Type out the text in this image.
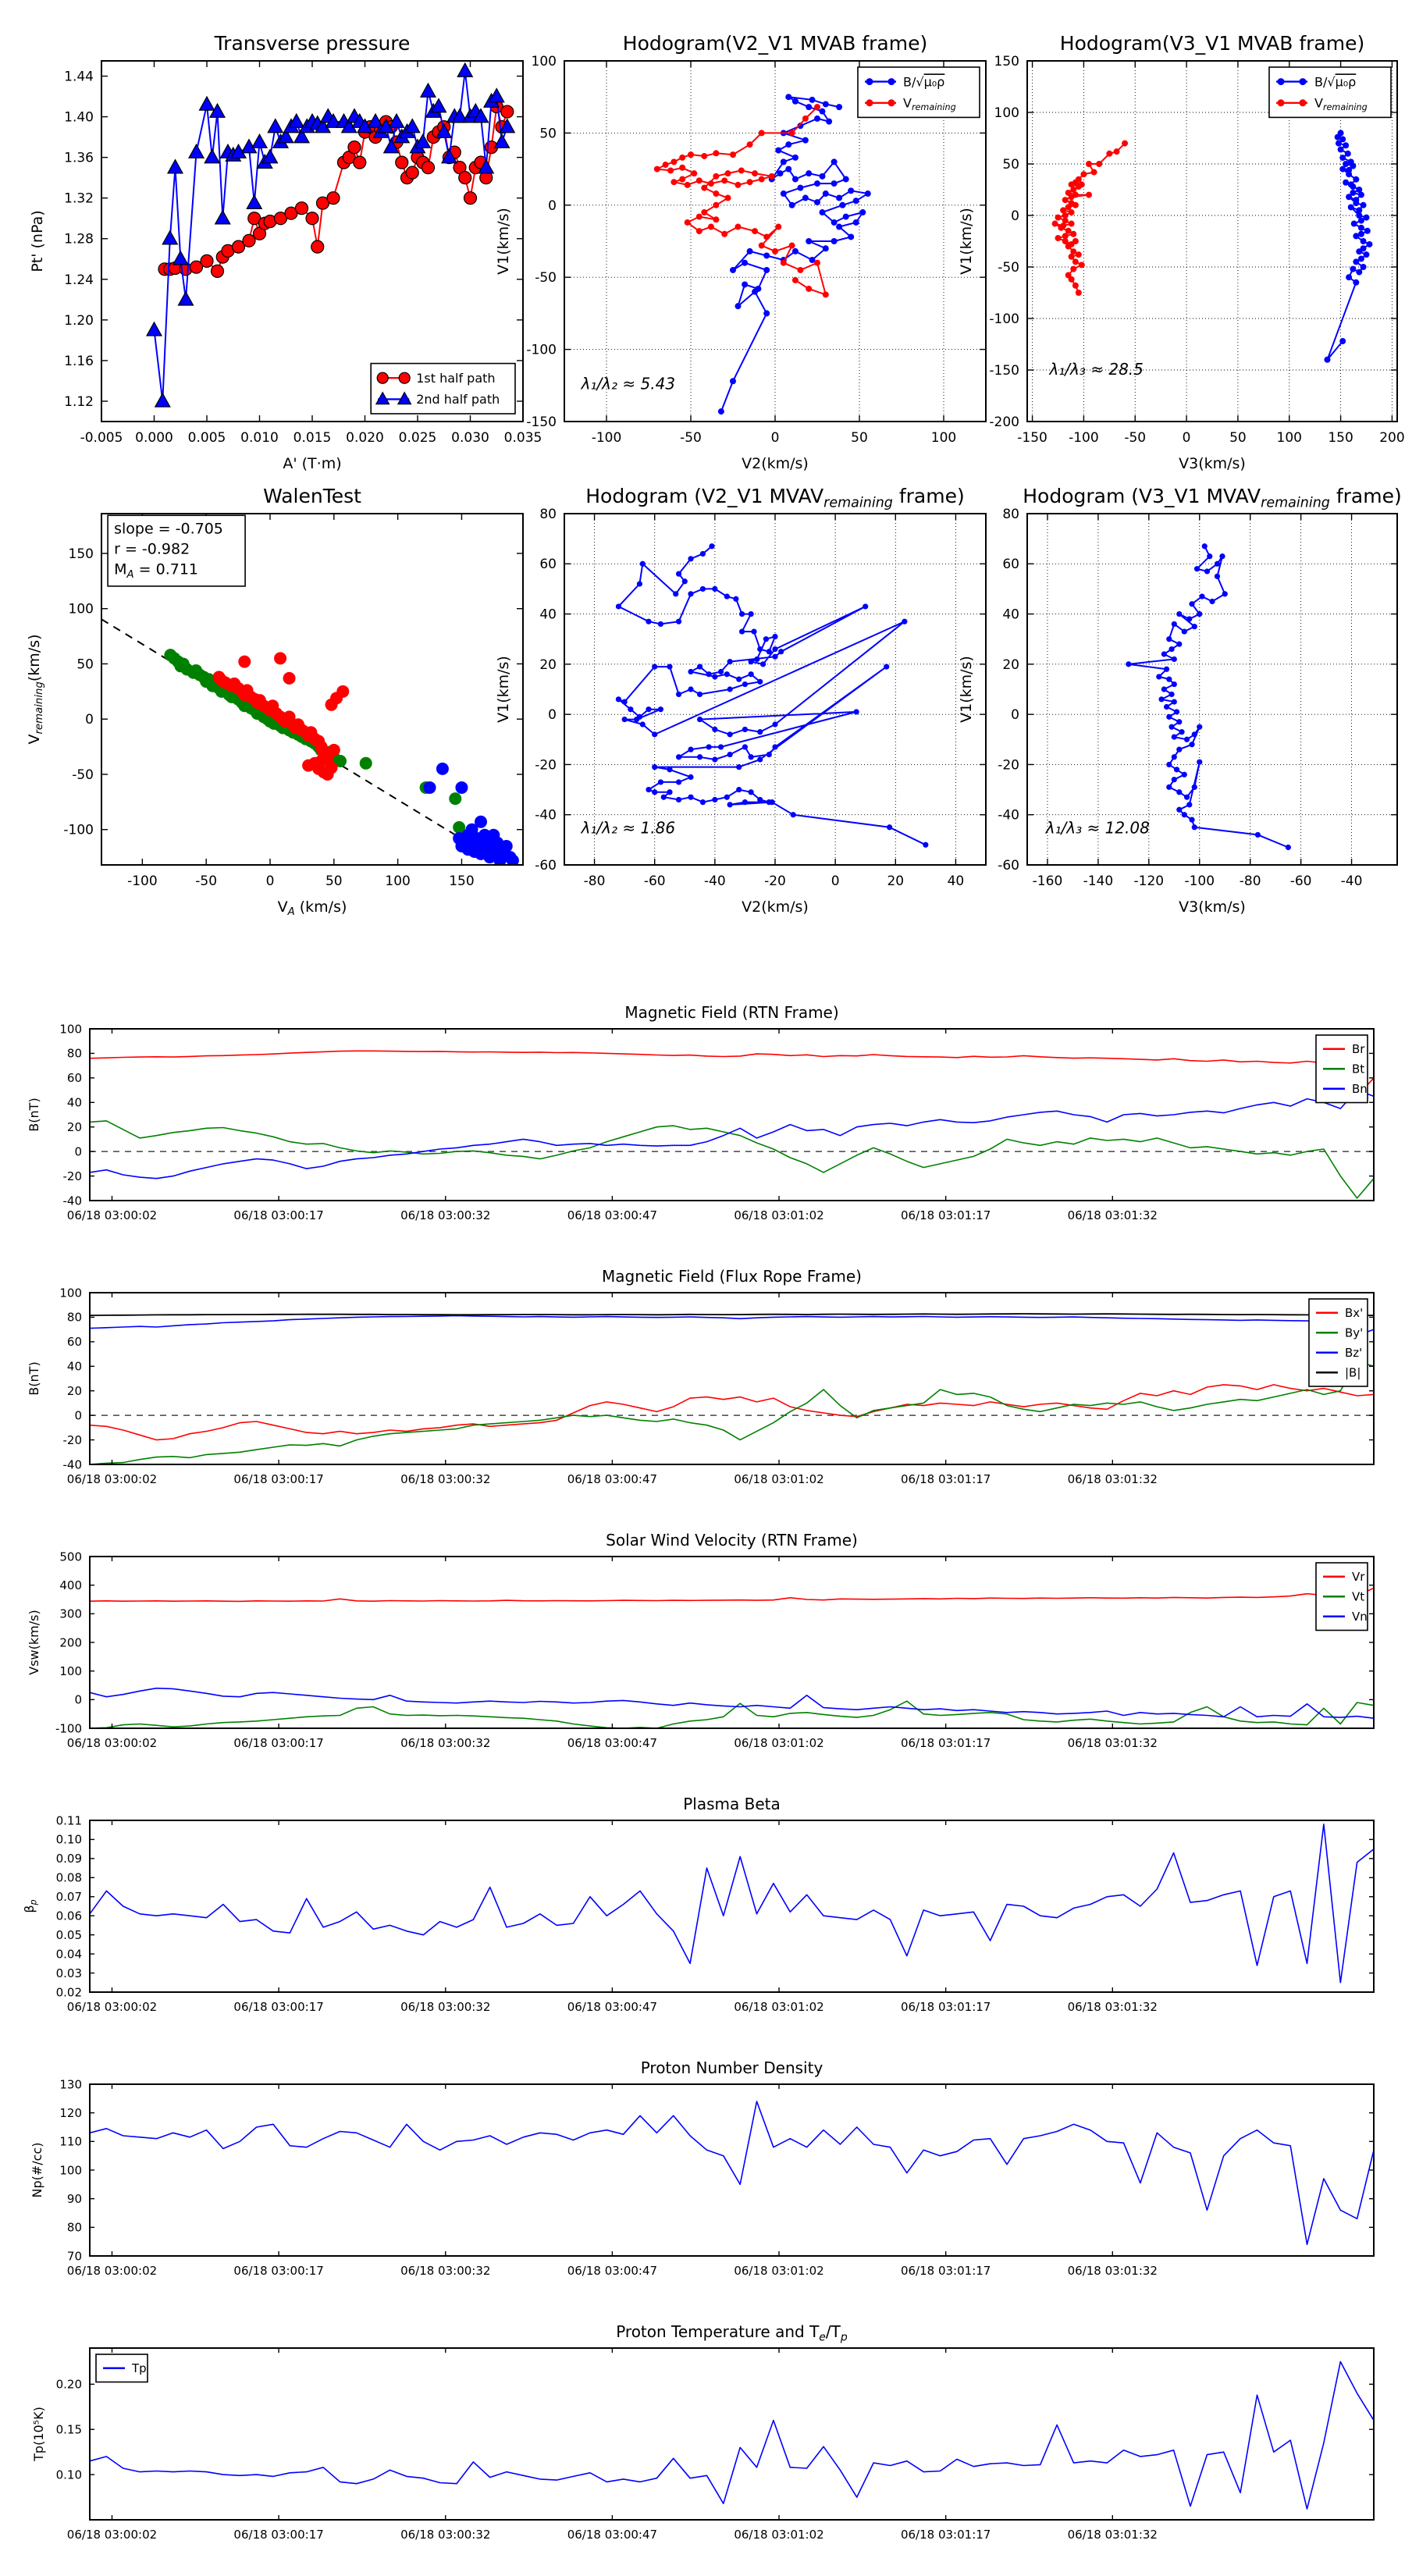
Transverse pressure
-0.005 0.000 0.005 0.010 0.015 0.020 0.025 0.030 0.035
1.12
1.16
1.20
1.24
1.28
1.32
1.36
1.40
1.44
A' (T·m)
Pt' (nPa)
1st half path
2nd half path
Hodogram(V2_V1 MVAB frame)
-100	-50	0	50	100
100
50
0
-50
-100
-150
V2(km/s)
V1(km/s)
B/√μ₀ρ
$V_{remaining}$
λ₁/λ₂ ≈ 5.43
Hodogram(V3_V1 MVAB frame)
-150 -100 -50	0	50 100 150 200
150
100
50
0
-50
-100
-150
-200
V3(km/s)
V1(km/s)
B/√μ₀ρ
$V_{remaining}$
λ₁/λ₃ ≈ 28.5
WalenTest
-100	-50	0	50	100	150
150
100
50
0
-50
-100
$V_A$ (km/s)
$V_{remaining}(km/s)$
slope = -0.705
r = -0.982
$M_A = 0.711$
Hodogram (V2_V1 $MVAV_{remaining}$ frame)
-80	-60	-40	-20	0	20	40
80
60
40
20
0
-20
-40
-60
V2(km/s)
V1(km/s)
λ₁/λ₂ ≈ 1.86
Hodogram (V3_V1 $MVAV_{remaining}$ frame)
-160 -140 -120 -100 -80 -60 -40
80
60
40
20
0
-20
-40
-60
V3(km/s)
V1(km/s)
λ₁/λ₃ ≈ 12.08
Magnetic Field (RTN Frame)
06/18 03:00:02	06/18 03:00:17	06/18 03:00:32	06/18 03:00:47	06/18 03:01:02	06/18 03:01:17	06/18 03:01:32
100
80
60
40
20
0
-20
-40
B(nT)
Br
Bt
Bn
Magnetic Field (Flux Rope Frame)
06/18 03:00:02	06/18 03:00:17	06/18 03:00:32	06/18 03:00:47	06/18 03:01:02	06/18 03:01:17	06/18 03:01:32
100
80
60
40
20
0
-20
-40
B(nT)
Bx'
By'
Bz'
|B|
Solar Wind Velocity (RTN Frame)
06/18 03:00:02	06/18 03:00:17	06/18 03:00:32	06/18 03:00:47	06/18 03:01:02	06/18 03:01:17	06/18 03:01:32
500
400
300
200
100
0
-100
Vsw(km/s)
Vr
Vt
Vn
Plasma Beta
06/18 03:00:02	06/18 03:00:17	06/18 03:00:32	06/18 03:00:47	06/18 03:01:02	06/18 03:01:17	06/18 03:01:32
0.11
0.10
0.09
0.08
0.07
0.06
0.05
0.04
0.03
0.02
$\beta_p$
Proton Number Density
06/18 03:00:02	06/18 03:00:17	06/18 03:00:32	06/18 03:00:47	06/18 03:01:02	06/18 03:01:17	06/18 03:01:32
130
120
110
100
90
80
70
Np(#/cc)
Proton Temperature and $T_e/T_p$
06/18 03:00:02	06/18 03:00:17	06/18 03:00:32	06/18 03:00:47	06/18 03:01:02	06/18 03:01:17	06/18 03:01:32
0.20
0.15
0.10
Tp(10⁵K)
Tp
